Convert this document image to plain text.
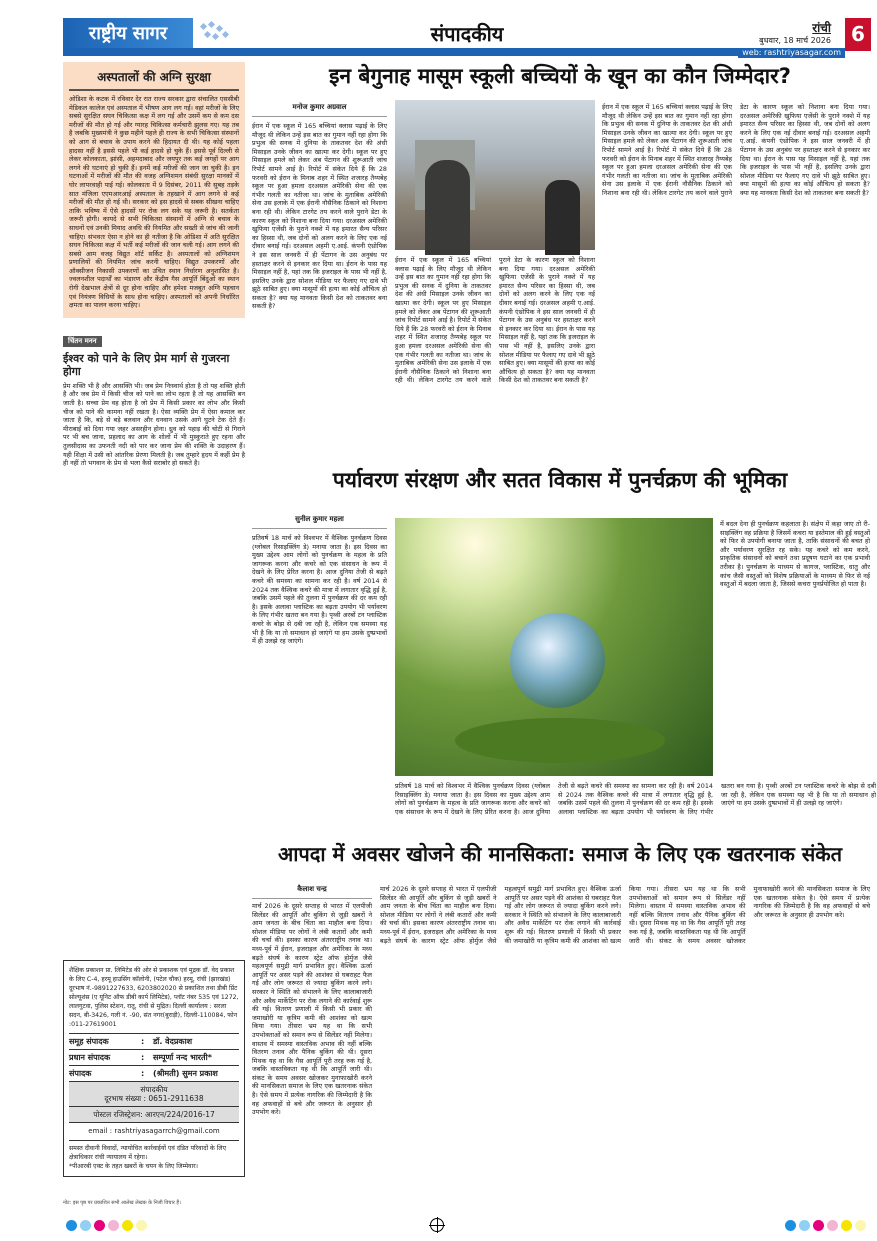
राष्ट्रीय सागर	संपादकीय	रांची
बुधवार, 18 मार्च 2026	6
web: rashtriyasagar.com
अस्पतालों की अग्नि सुरक्षा
ओडिशा के कटक में रविवार देर रात राज्य सरकार द्वारा संचालित एससीबी मेडिकल कालेज एवं अस्पताल में भीषण आग लग गई। वहां मरीजों के लिए सबसे सुरक्षित सघन चिकित्सा कक्ष में लग गई और उसमें कम से कम दस मरीजों की मौत हो गई और ग्यारह चिकित्सा कर्मचारी झुलस गए। यह तब है जबकि मुख्यमंत्री ने कुछ महीने पहले ही राज्य के सभी चिकित्सा संस्थानों को आग से बचाव के उपाय करने की हिदायत दी थी। यह कोई पहला हादसा नहीं है इससे पहले भी कई हादसे हो चुके हैं। इससे पूर्व दिल्ली से लेकर कोलकाता, झांसी, अहमदाबाद और जयपुर तक कई जगहों पर आग लगने की घटनाएं हो चुकी हैं। इनमें कई मरीजों की जान जा चुकी है। इन घटनाओं में मरीजों की मौत की वजह अग्निशमन संबंधी सुरक्षा मानकों में घोर लापरवाही पाई गई। कोलकाता में 9 दिसंबर, 2011 की सुबह तड़के सात मंजिला एएमआरआई अस्पताल के तहखाने में आग लगने से कई मरीजों की मौत हो गई थी। सरकार को इस हादसे से सबक सीखना चाहिए ताकि भविष्य में ऐसे हादसों पर रोक लग सके यह जरूरी है। सतर्कता जरूरी होगी। कायदे से सभी चिकित्सा संस्थानों में अग्नि से बचाव के साधनों एवं उनकी मियाद अवधि की नियमित और सख्ती से जांच की जानी चाहिए। संभवतः ऐसा न होने का ही नतीजा है कि ओडिशा में अति सुरक्षित सघन चिकित्सा कक्ष में भर्ती कई मरीजों की जान चली गई। आग लगने की सबसे आम वजह विद्युत शॉर्ट सर्किट है। अस्पतालों को अग्निशमन प्रणालियों की नियमित जांच करनी चाहिए। विद्युत उपकरणों और ऑक्सीजन निकासी उपकरणों का उचित स्थान निर्धारण अनुशासित है। ज्वलनशील पदार्थों का भंडारण और केंद्रीय गैस आपूर्ति बिंदुओं का स्थान रोगी देखभाल क्षेत्रों से दूर होना चाहिए और हमेशा मजबूत अग्नि पहचान एवं नियंत्रण विधियों के साथ होना चाहिए। अस्पतालों को अपनी निर्धारित क्षमता का पालन करना चाहिए।
चिंतन मनन
ईश्वर को पाने के लिए प्रेम मार्ग से गुजरना होगा
प्रेम शक्ति भी है और आसक्ति भी। जब प्रेम निःस्वार्थ होता है तो यह शक्ति होती है और जब प्रेम में किसी चीज को पाने का लोभ रहता है तो यह आसक्ति बन जाती है। सच्चा प्रेम वह होता है जो प्रेम में किसी प्रकार का लोभ और किसी चीज को पाने की कामना नहीं रखता है। ऐसा व्यक्ति प्रेम में ऐसा कमाल कर जाता है कि, बड़े से बड़े बलवान और धनवान उसके आगे घुटने टेक देते हैं। मीराबाई को दिया गया जहर असरहीन होना। ध्रुव को पहाड़ की चोटी से गिराने पर भी बच जाना, प्रहलाद का आग के शोलों में भी मुस्कुराते हुए रहना और तुलसीदास का उफनती नदी को पार कर जाना प्रेम की शक्ति के उदाहरण हैं। यही शिक्षा में उसी को आंतरिक प्रेरणा मिलती है। जब तुम्हारे हृदय में कहीं प्रेम है ही नहीं तो भगवान के प्रेम से भला कैसे सराबोर हो सकते है।
शैक्षिक प्रकाशन प्रा. लिमिटेड की ओर से प्रकाशक एवं मुद्रक डॉ. वेद प्रकाश के लिए C-4, हरमू हाउसिंग कॉलोनी, (पटेल चौक) हरमू, रांची (झारखंड) दूरभाष नं.-9891227633, 6203802020 से प्रकाशित तथा डीबी प्रिंट सोल्यूशंस (ए यूनिट ऑफ डीबी कार्प लिमिटेड), प्लॉट नंबर 535 एवं 1272, लालगुटवा, पुलिस स्टेशन, रातू, रांची से मुद्रित। दिल्ली कार्यालय : सरला सदन, बी-3426, गली नं. -90, संत नगर(बुराड़ी), दिल्ली-110084, फोन :011-27619001
समूह संपादक	:	डॉ. वेदप्रकाश
प्रधान संपादक	:	सम्पूर्णा नन्द भारती*
संपादक	:	(श्रीमती) सुमन प्रकाश
संपादकीय
दूरभाष संख्या : 0651-2911638
पोस्टल रजिस्ट्रेशन: आरएन/224/2016-17
email : rashtriyasagarrch@gmail.com
समस्त दीवानी विवादों, न्यायोचित कार्रवाईयों एवं दंडित परिवादों के लिए क्षेत्राधिकार रांची न्यायालय में रहेगा।
*पीआरबी एक्ट के तहत खबरों के चयन के लिए जिम्मेवार।
नोट: इस पृष्ठ पर प्रकाशित सभी आलेख लेखक के निजी विचार हैं।
इन बेगुनाह मासूम स्कूली बच्चियों के खून का कौन जिम्मेदार?
मनोज कुमार अग्रवाल
ईरान में एक स्कूल में 165 बच्चियां क्लास पढ़ाई के लिए मौजूद थी लेकिन उन्हें इस बात का गुमान नहीं रहा होगा कि प्रभुत्व की सनक में दुनिया के ताकतवर देश की अंधी मिसाइल उनके जीवन का खात्मा कर देगी। स्कूल पर हुए मिसाइल हमले को लेकर अब पेंटागन की शुरूआती जांच रिपोर्ट सामने आई है। रिपोर्ट में संकेत दिये हैं कि 28 फरवरी को ईरान के मिनाब शहर में स्थित शजारह तैय्यबेह स्कूल पर हुआ हमला दरअसल अमेरिकी सेना की एक गंभीर गलती का नतीजा था। जांच के मुताबिक अमेरिकी सेना उस इलाके में एक ईरानी नौसैनिक ठिकाने को निशाना बना रही थी। लेकिन टारगेट तय करने वाले पुराने डेटा के कारण स्कूल को निशाना बना दिया गया। दरअसल अमेरिकी खुफिया एजेंसी के पुराने नक्शे में यह इमारत सैन्य परिसर का हिस्सा थी, जब दोनों को अलग करने के लिए एक नई दीवार बनाई गई। दरअसल अहमी ए.आई. कंपनी एंथ्रोपिक ने इस साल जनवरी में ही पेंटागन के उस अनुबंध पर हस्ताक्षर करने से इनकार कर दिया था। ईरान के पास यह मिसाइल नहीं है, यहां तक कि इजराइल के पास भी नहीं है, इसलिए उनके द्वारा सोशल मीडिया पर फैलाए गए दावे भी झूठे साबित हुए। क्या मासूमों की हत्या का कोई औचित्य हो सकता है? क्या यह मानवता किसी देश को ताकतवर बना सकती है?
ईरान में एक स्कूल में 165 बच्चियां क्लास पढ़ाई के लिए मौजूद थी लेकिन उन्हें इस बात का गुमान नहीं रहा होगा कि प्रभुत्व की सनक में दुनिया के ताकतवर देश की अंधी मिसाइल उनके जीवन का खात्मा कर देगी। स्कूल पर हुए मिसाइल हमले को लेकर अब पेंटागन की शुरूआती जांच रिपोर्ट सामने आई है। रिपोर्ट में संकेत दिये हैं कि 28 फरवरी को ईरान के मिनाब शहर में स्थित शजारह तैय्यबेह स्कूल पर हुआ हमला दरअसल अमेरिकी सेना की एक गंभीर गलती का नतीजा था। जांच के मुताबिक अमेरिकी सेना उस इलाके में एक ईरानी नौसैनिक ठिकाने को निशाना बना रही थी। लेकिन टारगेट तय करने वाले पुराने डेटा के कारण स्कूल को निशाना बना दिया गया। दरअसल अमेरिकी खुफिया एजेंसी के पुराने नक्शे में यह इमारत सैन्य परिसर का हिस्सा थी, जब दोनों को अलग करने के लिए एक नई दीवार बनाई गई। दरअसल अहमी ए.आई. कंपनी एंथ्रोपिक ने इस साल जनवरी में ही पेंटागन के उस अनुबंध पर हस्ताक्षर करने से इनकार कर दिया था। ईरान के पास यह मिसाइल नहीं है, यहां तक कि इजराइल के पास भी नहीं है, इसलिए उनके द्वारा सोशल मीडिया पर फैलाए गए दावे भी झूठे साबित हुए। क्या मासूमों की हत्या का कोई औचित्य हो सकता है? क्या यह मानवता किसी देश को ताकतवर बना सकती है?
ईरान में एक स्कूल में 165 बच्चियां क्लास पढ़ाई के लिए मौजूद थी लेकिन उन्हें इस बात का गुमान नहीं रहा होगा कि प्रभुत्व की सनक में दुनिया के ताकतवर देश की अंधी मिसाइल उनके जीवन का खात्मा कर देगी। स्कूल पर हुए मिसाइल हमले को लेकर अब पेंटागन की शुरूआती जांच रिपोर्ट सामने आई है। रिपोर्ट में संकेत दिये हैं कि 28 फरवरी को ईरान के मिनाब शहर में स्थित शजारह तैय्यबेह स्कूल पर हुआ हमला दरअसल अमेरिकी सेना की एक गंभीर गलती का नतीजा था। जांच के मुताबिक अमेरिकी सेना उस इलाके में एक ईरानी नौसैनिक ठिकाने को निशाना बना रही थी। लेकिन टारगेट तय करने वाले पुराने डेटा के कारण स्कूल को निशाना बना दिया गया। दरअसल अमेरिकी खुफिया एजेंसी के पुराने नक्शे में यह इमारत सैन्य परिसर का हिस्सा थी, जब दोनों को अलग करने के लिए एक नई दीवार बनाई गई। दरअसल अहमी ए.आई. कंपनी एंथ्रोपिक ने इस साल जनवरी में ही पेंटागन के उस अनुबंध पर हस्ताक्षर करने से इनकार कर दिया था। ईरान के पास यह मिसाइल नहीं है, यहां तक कि इजराइल के पास भी नहीं है, इसलिए उनके द्वारा सोशल मीडिया पर फैलाए गए दावे भी झूठे साबित हुए। क्या मासूमों की हत्या का कोई औचित्य हो सकता है? क्या यह मानवता किसी देश को ताकतवर बना सकती है?
पर्यावरण संरक्षण और सतत विकास में पुनर्चक्रण की भूमिका
सुनील कुमार महला
प्रतिवर्ष 18 मार्च को विश्वभर में वैश्विक पुनर्चक्रण दिवस (ग्लोबल रिसाइक्लिंग डे) मनाया जाता है। इस दिवस का मुख्य उद्देश्य आम लोगों को पुनर्चक्रण के महत्व के प्रति जागरूक करना और कचरे को एक संसाधन के रूप में देखने के लिए प्रेरित करना है। आज दुनिया तेजी से बढ़ते कचरे की समस्या का सामना कर रही है। वर्ष 2014 से 2024 तक वैश्विक कचरे की मात्रा में लगातार वृद्धि हुई है, जबकि उसमें पहले की तुलना में पुनर्चक्रण की दर कम रही है। इसके अलावा प्लास्टिक का बढ़ता उपयोग भी पर्यावरण के लिए गंभीर खतरा बन गया है। पृथ्वी अरबों टन प्लास्टिक कचरे के बोझ से दबी जा रही है, लेकिन एक समस्या यह भी है कि या तो समाधान हो जाएंगे या हम उसके दुष्प्रभावों में ही उलझे रह जाएंगे।
प्रतिवर्ष 18 मार्च को विश्वभर में वैश्विक पुनर्चक्रण दिवस (ग्लोबल रिसाइक्लिंग डे) मनाया जाता है। इस दिवस का मुख्य उद्देश्य आम लोगों को पुनर्चक्रण के महत्व के प्रति जागरूक करना और कचरे को एक संसाधन के रूप में देखने के लिए प्रेरित करना है। आज दुनिया तेजी से बढ़ते कचरे की समस्या का सामना कर रही है। वर्ष 2014 से 2024 तक वैश्विक कचरे की मात्रा में लगातार वृद्धि हुई है, जबकि उसमें पहले की तुलना में पुनर्चक्रण की दर कम रही है। इसके अलावा प्लास्टिक का बढ़ता उपयोग भी पर्यावरण के लिए गंभीर खतरा बन गया है। पृथ्वी अरबों टन प्लास्टिक कचरे के बोझ से दबी जा रही है, लेकिन एक समस्या यह भी है कि या तो समाधान हो जाएंगे या हम उसके दुष्प्रभावों में ही उलझे रह जाएंगे।
में बदल देना ही पुनर्चक्रण कहलाता है। संक्षेप में कहा जाए तो री-साइक्लिंग वह प्रक्रिया है जिसमें कचरा या इस्तेमाल की हुई वस्तुओं को फिर से उपयोगी बनाया जाता है, ताकि संसाधनों की बचत हो और पर्यावरण सुरक्षित रह सके। यह कचरे को कम करने, प्राकृतिक संसाधनों को बचाने तथा प्रदूषण घटाने का एक प्रभावी तरीका है। पुनर्चक्रण के माध्यम से कागज, प्लास्टिक, धातु और कांच जैसी वस्तुओं को विशेष प्रक्रियाओं के माध्यम से फिर से नई वस्तुओं में बदला जाता है, जिससे कचरा पुनर्प्रयोजित हो पाता है।
आपदा में अवसर खोजने की मानसिकता: समाज के लिए एक खतरनाक संकेत
कैलाश चन्द्र
मार्च 2026 के दूसरे सप्ताह से भारत में एलपीजी सिलेंडर की आपूर्ति और बुकिंग से जुड़ी खबरों ने आम जनता के बीच चिंता का माहौल बना दिया। सोशल मीडिया पर लोगों ने लंबी कतारों और कमी की चर्चा की। इसका कारण अंतरराष्ट्रीय तनाव था। मध्य-पूर्व में ईरान, इजराइल और अमेरिका के मध्य बढ़ते संघर्ष के कारण स्ट्रेट ऑफ होर्मुज जैसे महत्वपूर्ण समुद्री मार्ग प्रभावित हुए। वैश्विक ऊर्जा आपूर्ति पर असर पड़ने की आशंका से घबराहट फैल गई और लोग जरूरत से ज्यादा बुकिंग करने लगे। सरकार ने स्थिति को संभालने के लिए कालाबाजारी और अवैध मार्केटिंग पर रोक लगाने की कार्रवाई शुरू की गई। वितरण प्रणाली में किसी भी प्रकार की जमाखोरी या कृत्रिम कमी की आशंका को खत्म किया गया। तीसरा भ्रम यह था कि सभी उपभोक्ताओं को समान रूप से सिलेंडर नहीं मिलेगा। वास्तव में समस्या वास्तविक अभाव की नहीं बल्कि वितरण तनाव और पैनिक बुकिंग की थी। दूसरा मिथक यह था कि गैस आपूर्ति पूरी तरह रुक गई है, जबकि वास्तविकता यह थी कि आपूर्ति जारी थी। संकट के समय अवसर खोजकर मुनाफाखोरी करने की मानसिकता समाज के लिए एक खतरनाक संकेत है। ऐसे समय में प्रत्येक नागरिक की जिम्मेदारी है कि वह अफवाहों से बचे और जरूरत के अनुसार ही उपभोग करे।
मार्च 2026 के दूसरे सप्ताह से भारत में एलपीजी सिलेंडर की आपूर्ति और बुकिंग से जुड़ी खबरों ने आम जनता के बीच चिंता का माहौल बना दिया। सोशल मीडिया पर लोगों ने लंबी कतारों और कमी की चर्चा की। इसका कारण अंतरराष्ट्रीय तनाव था। मध्य-पूर्व में ईरान, इजराइल और अमेरिका के मध्य बढ़ते संघर्ष के कारण स्ट्रेट ऑफ होर्मुज जैसे महत्वपूर्ण समुद्री मार्ग प्रभावित हुए। वैश्विक ऊर्जा आपूर्ति पर असर पड़ने की आशंका से घबराहट फैल गई और लोग जरूरत से ज्यादा बुकिंग करने लगे। सरकार ने स्थिति को संभालने के लिए कालाबाजारी और अवैध मार्केटिंग पर रोक लगाने की कार्रवाई शुरू की गई। वितरण प्रणाली में किसी भी प्रकार की जमाखोरी या कृत्रिम कमी की आशंका को खत्म किया गया। तीसरा भ्रम यह था कि सभी उपभोक्ताओं को समान रूप से सिलेंडर नहीं मिलेगा। वास्तव में समस्या वास्तविक अभाव की नहीं बल्कि वितरण तनाव और पैनिक बुकिंग की थी। दूसरा मिथक यह था कि गैस आपूर्ति पूरी तरह रुक गई है, जबकि वास्तविकता यह थी कि आपूर्ति जारी थी। संकट के समय अवसर खोजकर मुनाफाखोरी करने की मानसिकता समाज के लिए एक खतरनाक संकेत है। ऐसे समय में प्रत्येक नागरिक की जिम्मेदारी है कि वह अफवाहों से बचे और जरूरत के अनुसार ही उपभोग करे।
